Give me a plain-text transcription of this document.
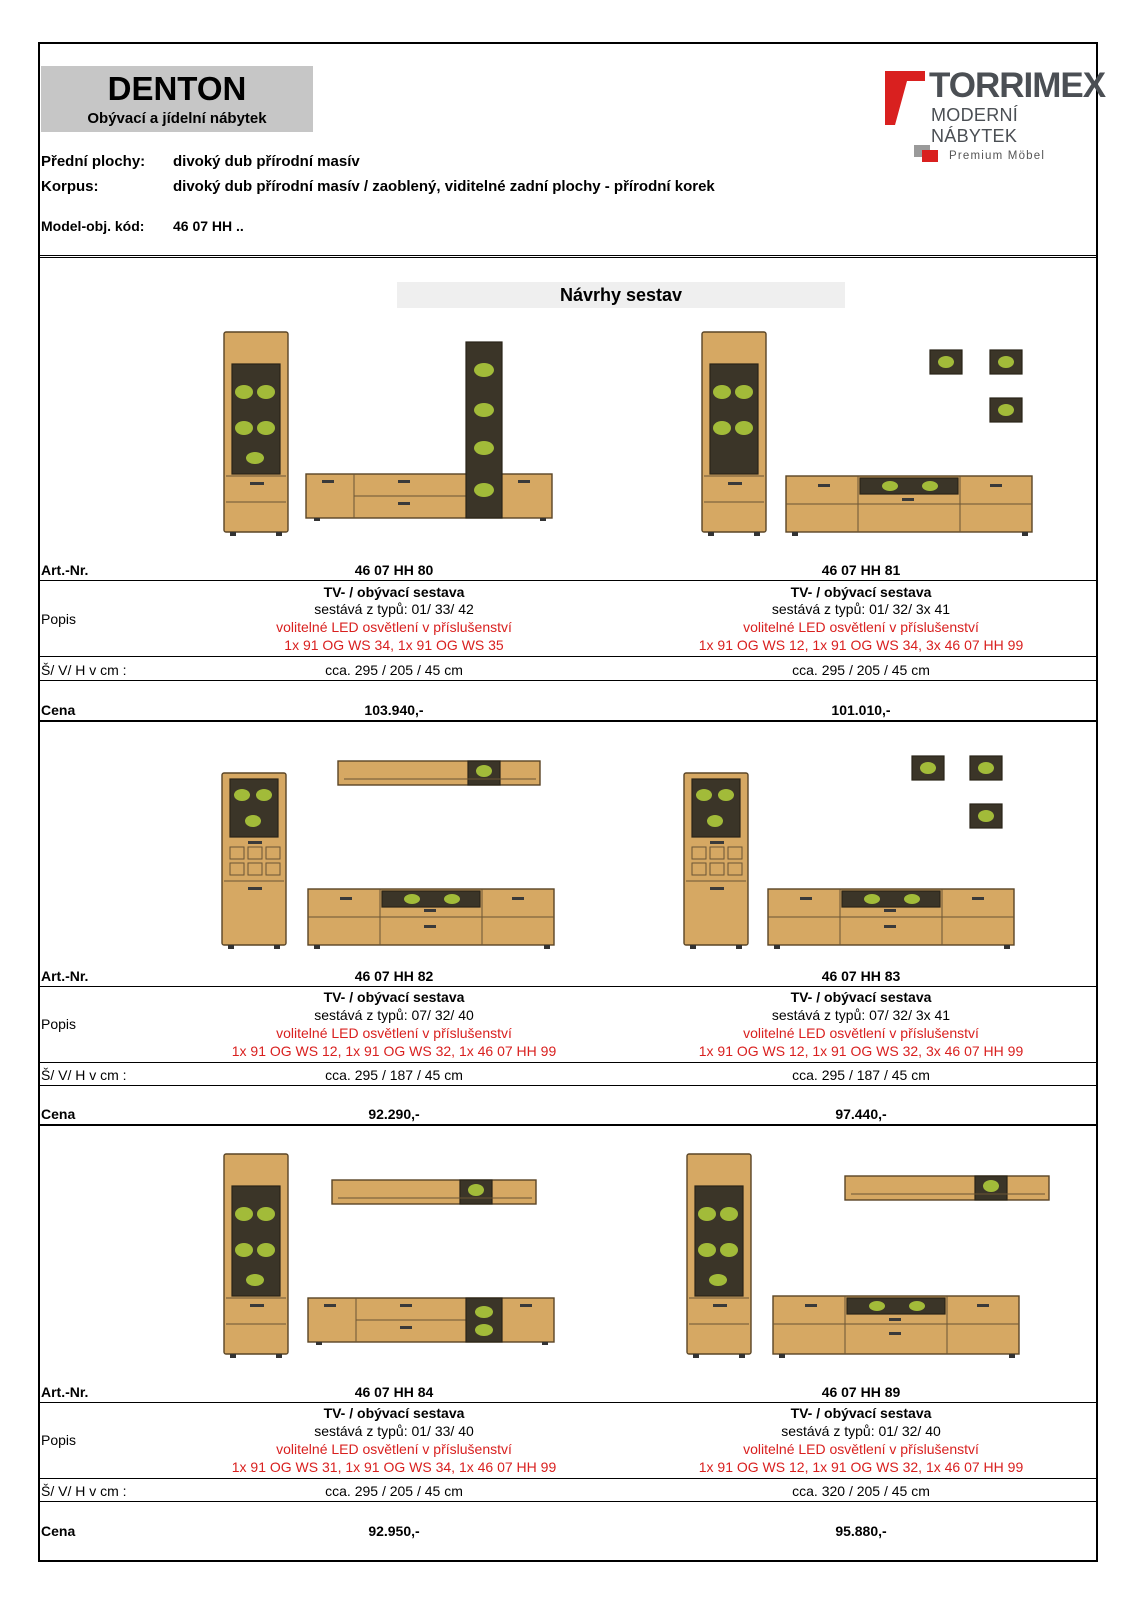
DENTON
Obývací a jídelní nábytek
TORRIMEX
MODERNÍ NÁBYTEK
Premium Möbel
Přední plochy: divoký dub přírodní masív
Korpus:	divoký dub přírodní masív / zaoblený, viditelné zadní plochy - přírodní korek
Model-obj. kód: 46 07 HH ..
Návrhy sestav
Art.-Nr.	46 07 HH 80	46 07 HH 81
Popis
TV- / obývací sestava
sestává z typů: 01/ 33/ 42
volitelné LED osvětlení v příslušenství
1x 91 OG WS 34, 1x 91 OG WS 35
TV- / obývací sestava
sestává z typů: 01/ 32/ 3x 41
volitelné LED osvětlení v příslušenství
1x 91 OG WS 12, 1x 91 OG WS 34, 3x 46 07 HH 99
Š/ V/ H v cm :	cca. 295 / 205 / 45 cm	cca. 295 / 205 / 45 cm
Cena	103.940,-	101.010,-
Art.-Nr.	46 07 HH 82	46 07 HH 83
Popis
TV- / obývací sestava
sestává z typů: 07/ 32/ 40
volitelné LED osvětlení v příslušenství
1x 91 OG WS 12, 1x 91 OG WS 32, 1x 46 07 HH 99
TV- / obývací sestava
sestává z typů: 07/ 32/ 3x 41
volitelné LED osvětlení v příslušenství
1x 91 OG WS 12, 1x 91 OG WS 32, 3x 46 07 HH 99
Š/ V/ H v cm :	cca. 295 / 187 / 45 cm	cca. 295 / 187 / 45 cm
Cena	92.290,-	97.440,-
Art.-Nr.	46 07 HH 84	46 07 HH 89
Popis
TV- / obývací sestava
sestává z typů: 01/ 33/ 40
volitelné LED osvětlení v příslušenství
1x 91 OG WS 31, 1x 91 OG WS 34, 1x 46 07 HH 99
TV- / obývací sestava
sestává z typů: 01/ 32/ 40
volitelné LED osvětlení v příslušenství
1x 91 OG WS 12, 1x 91 OG WS 32, 1x 46 07 HH 99
Š/ V/ H v cm :	cca. 295 / 205 / 45 cm	cca. 320 / 205 / 45 cm
Cena	92.950,-	95.880,-
